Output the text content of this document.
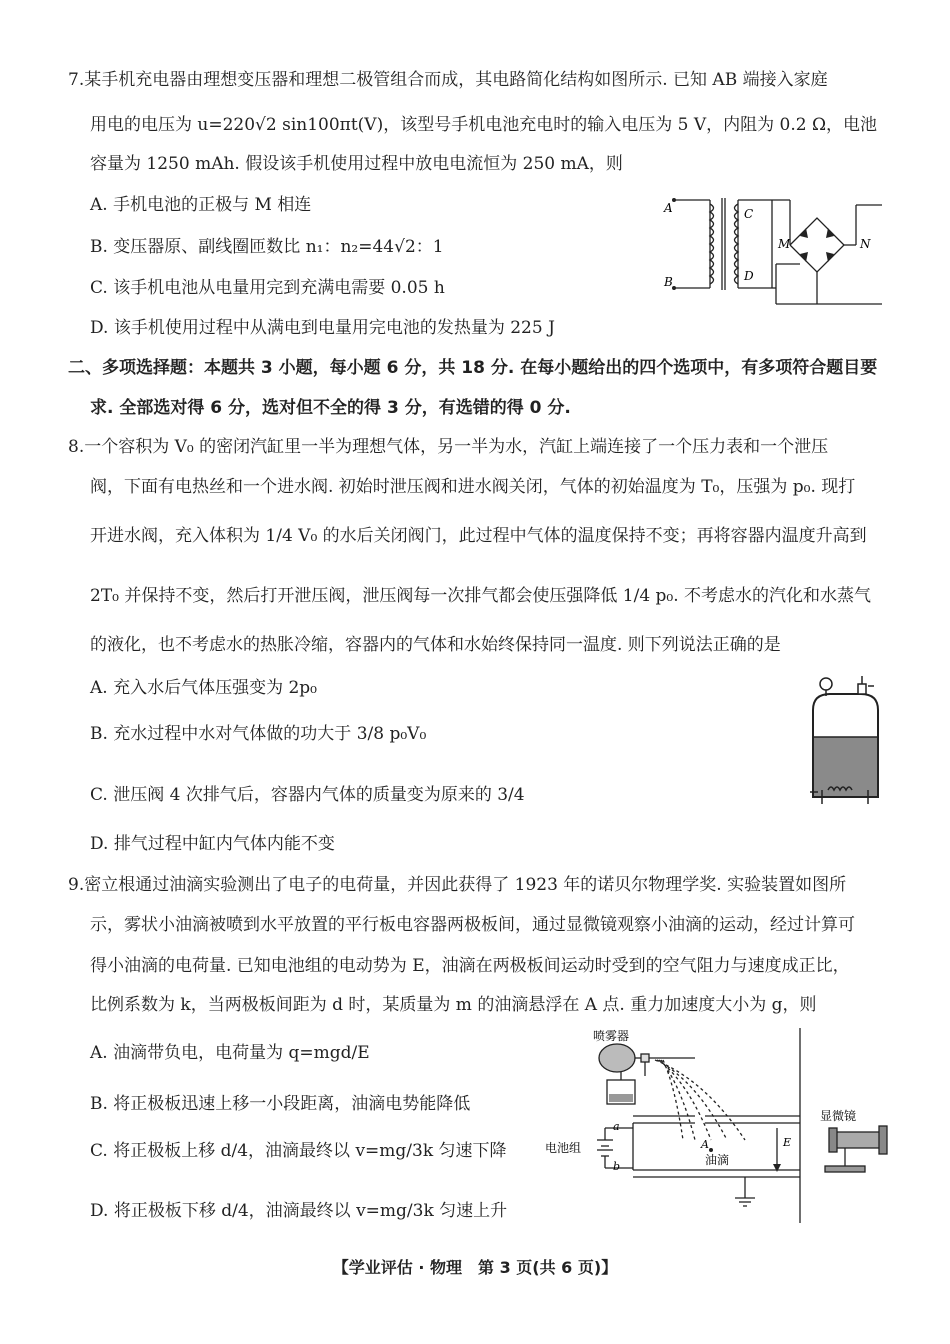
7.某手机充电器由理想变压器和理想二极管组合而成，其电路简化结构如图所示. 已知 AB 端接入家庭
用电的电压为 u=220√2 sin100πt(V)，该型号手机电池充电时的输入电压为 5 V，内阻为 0.2 Ω，电池
容量为 1250 mAh. 假设该手机使用过程中放电电流恒为 250 mA，则
A. 手机电池的正极与 M 相连
B. 变压器原、副线圈匝数比 n₁：n₂=44√2：1
C. 该手机电池从电量用完到充满电需要 0.05 h
D. 该手机使用过程中从满电到电量用完电池的发热量为 225 J
A
B
C
D
M	N
二、多项选择题：本题共 3 小题，每小题 6 分，共 18 分. 在每小题给出的四个选项中，有多项符合题目要
求. 全部选对得 6 分，选对但不全的得 3 分，有选错的得 0 分.
8.一个容积为 V₀ 的密闭汽缸里一半为理想气体，另一半为水，汽缸上端连接了一个压力表和一个泄压
阀，下面有电热丝和一个进水阀. 初始时泄压阀和进水阀关闭，气体的初始温度为 T₀，压强为 p₀. 现打
开进水阀，充入体积为 1/4 V₀ 的水后关闭阀门，此过程中气体的温度保持不变；再将容器内温度升高到
2T₀ 并保持不变，然后打开泄压阀，泄压阀每一次排气都会使压强降低 1/4 p₀. 不考虑水的汽化和水蒸气
的液化，也不考虑水的热胀冷缩，容器内的气体和水始终保持同一温度. 则下列说法正确的是
A. 充入水后气体压强变为 2p₀
B. 充水过程中水对气体做的功大于 3/8 p₀V₀
C. 泄压阀 4 次排气后，容器内气体的质量变为原来的 3/4
D. 排气过程中缸内气体内能不变
9.密立根通过油滴实验测出了电子的电荷量，并因此获得了 1923 年的诺贝尔物理学奖. 实验装置如图所
示，雾状小油滴被喷到水平放置的平行板电容器两极板间，通过显微镜观察小油滴的运动，经过计算可
得小油滴的电荷量. 已知电池组的电动势为 E，油滴在两极板间运动时受到的空气阻力与速度成正比，
比例系数为 k，当两极板间距为 d 时，某质量为 m 的油滴悬浮在 A 点. 重力加速度大小为 g，则
A. 油滴带负电，电荷量为 q=mgd/E
B. 将正极板迅速上移一小段距离，油滴电势能降低
C. 将正极板上移 d/4，油滴最终以 v=mg/3k 匀速下降
D. 将正极板下移 d/4，油滴最终以 v=mg/3k 匀速上升
喷雾器
显微镜
电池组
a
b
A
油滴
E
【学业评估 · 物理　第 3 页(共 6 页)】
